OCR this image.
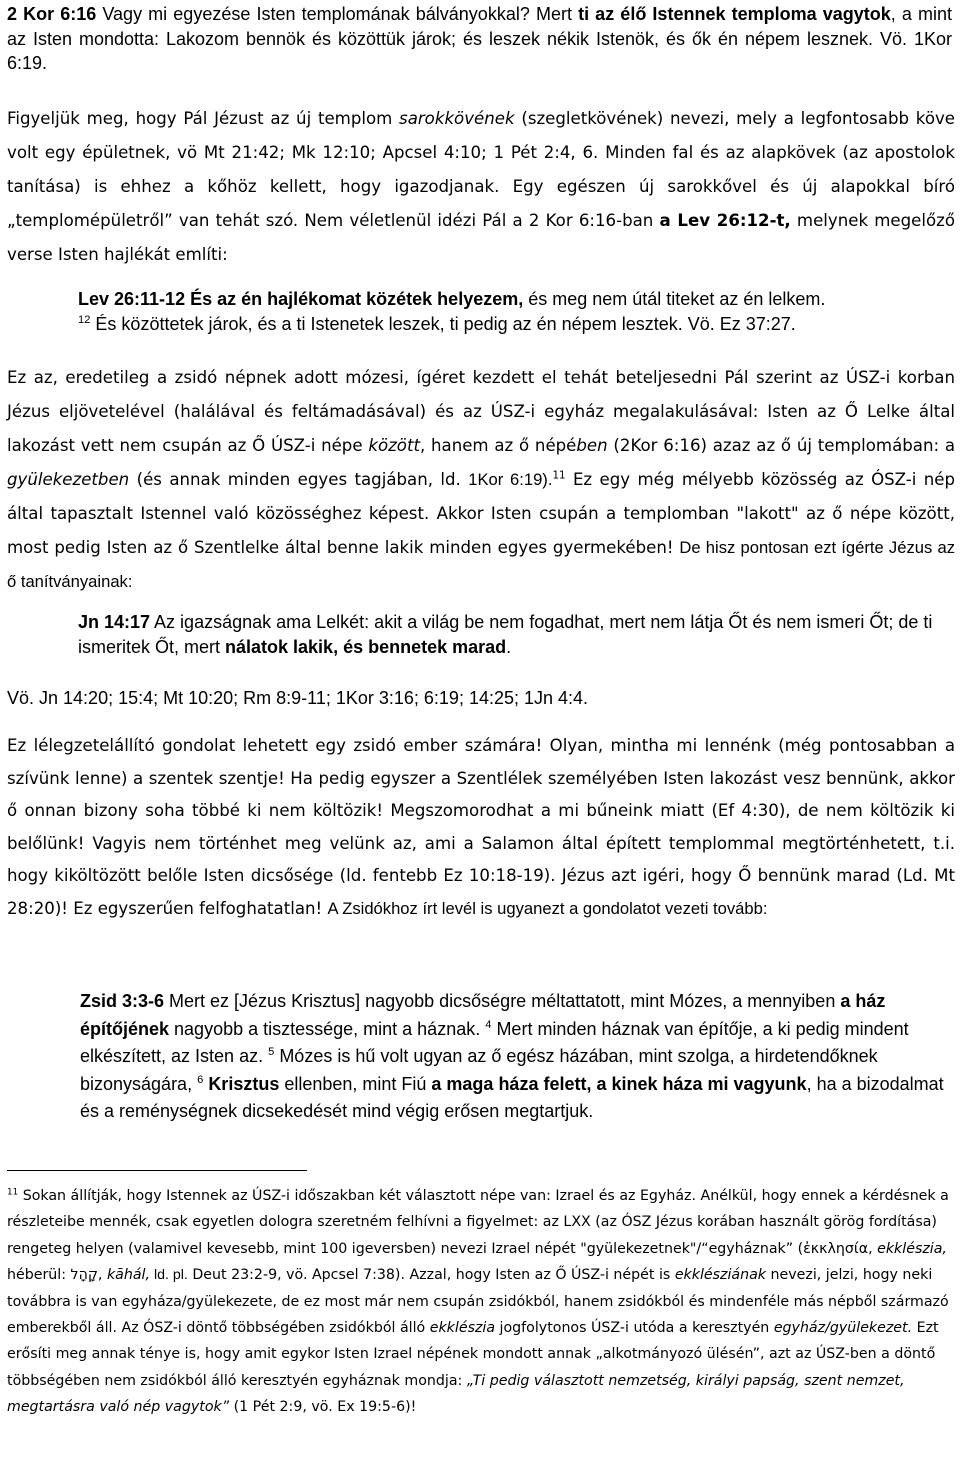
2 Kor 6:16 Vagy mi egyezése Isten templomának bálványokkal? Mert ti az élő Istennek temploma vagytok, a mint az Isten mondotta: Lakozom bennök és közöttük járok; és leszek nékik Istenök, és ők én népem lesznek. Vö. 1Kor 6:19.

Figyeljük meg, hogy Pál Jézust az új templom sarokkövének (szegletkövének) nevezi, mely a legfontosabb köve volt egy épületnek, vö Mt 21:42; Mk 12:10; Apcsel 4:10; 1 Pét 2:4, 6. Minden fal és az alapkövek (az apostolok tanítása) is ehhez a kőhöz kellett, hogy igazodjanak. Egy egészen új sarokkővel és új alapokkal bíró „templomépületről” van tehát szó. Nem véletlenül idézi Pál a 2 Kor 6:16-ban a Lev 26:12-t, melynek megelőző verse Isten hajlékát említi:

Lev 26:11-12 És az én hajlékomat közétek helyezem, és meg nem útál titeket az én lelkem.
$^{12}$ És közöttetek járok, és a ti Istenetek leszek, ti pedig az én népem lesztek. Vö. Ez 37:27.

Ez az, eredetileg a zsidó népnek adott mózesi, ígéret kezdett el tehát beteljesedni Pál szerint az ÚSZ-i korban Jézus eljövetelével (halálával és feltámadásával) és az ÚSZ-i egyház megalakulásával: Isten az Ő Lelke által lakozást vett nem csupán az Ő ÚSZ-i népe között, hanem az ő népében (2Kor 6:16) azaz az ő új templomában: a gyülekezetben (és annak minden egyes tagjában, ld. 1Kor 6:19).$^{11}$ Ez egy még mélyebb közösség az ÓSZ-i nép által tapasztalt Istennel való közösséghez képest. Akkor Isten csupán a templomban "lakott" az ő népe között, most pedig Isten az ő Szentlelke által benne lakik minden egyes gyermekében! De hisz pontosan ezt ígérte Jézus az ő tanítványainak:

Jn 14:17 Az igazságnak ama Lelkét: akit a világ be nem fogadhat, mert nem látja Őt és nem ismeri Őt; de ti ismeritek Őt, mert nálatok lakik, és bennetek marad.

Vö. Jn 14:20; 15:4; Mt 10:20; Rm 8:9-11; 1Kor 3:16; 6:19; 14:25; 1Jn 4:4.

Ez lélegzetelállító gondolat lehetett egy zsidó ember számára! Olyan, mintha mi lennénk (még pontosabban a szívünk lenne) a szentek szentje! Ha pedig egyszer a Szentlélek személyében Isten lakozást vesz bennünk, akkor ő onnan bizony soha többé ki nem költözik! Megszomorodhat a mi bűneink miatt (Ef 4:30), de nem költözik ki belőlünk! Vagyis nem történhet meg velünk az, ami a Salamon által épített templommal megtörténhetett, t.i. hogy kiköltözött belőle Isten dicsősége (ld. fentebb Ez 10:18-19). Jézus azt igéri, hogy Ő bennünk marad (Ld. Mt 28:20)! Ez egyszerűen felfoghatatlan! A Zsidókhoz írt levél is ugyanezt a gondolatot vezeti tovább:

Zsid 3:3-6 Mert ez [Jézus Krisztus] nagyobb dicsőségre méltattatott, mint Mózes, a mennyiben a ház építőjének nagyobb a tisztessége, mint a háznak. $^4$ Mert minden háznak van építője, a ki pedig mindent elkészített, az Isten az. $^5$ Mózes is hű volt ugyan az ő egész házában, mint szolga, a hirdetendőknek bizonyságára, $^6$ Krisztus ellenben, mint Fiú a maga háza felett, a kinek háza mi vagyunk, ha a bizodalmat és a reménységnek dicsekedését mind végig erősen megtartjuk.

$^{11}$ Sokan állítják, hogy Istennek az ÚSZ-i időszakban két választott népe van: Izrael és az Egyház. Anélkül, hogy ennek a kérdésnek a részleteibe mennék, csak egyetlen dologra szeretném felhívni a figyelmet: az LXX (az ÓSZ Jézus korában használt görög fordítása) rengeteg helyen (valamivel kevesebb, mint 100 igeversben) nevezi Izrael népét "gyülekezetnek"/“egyháznak” (ἐκκλησία, ekklészia, héberül: קָהָל, kāhál, ld. pl. Deut 23:2-9, vö. Apcsel 7:38). Azzal, hogy Isten az Ő ÚSZ-i népét is ekklésziának nevezi, jelzi, hogy neki továbbra is van egyháza/gyülekezete, de ez most már nem csupán zsidókból, hanem zsidókból és mindenféle más népből származó emberekből áll. Az ÓSZ-i döntő többségében zsidókból álló ekklészia jogfolytonos ÚSZ-i utóda a keresztyén egyház/gyülekezet. Ezt erősíti meg annak ténye is, hogy amit egykor Isten Izrael népének mondott annak „alkotmányozó ülésén”, azt az ÚSZ-ben a döntő többségében nem zsidókból álló keresztyén egyháznak mondja: „Ti pedig választott nemzetség, királyi papság, szent nemzet, megtartásra való nép vagytok” (1 Pét 2:9, vö. Ex 19:5-6)!
